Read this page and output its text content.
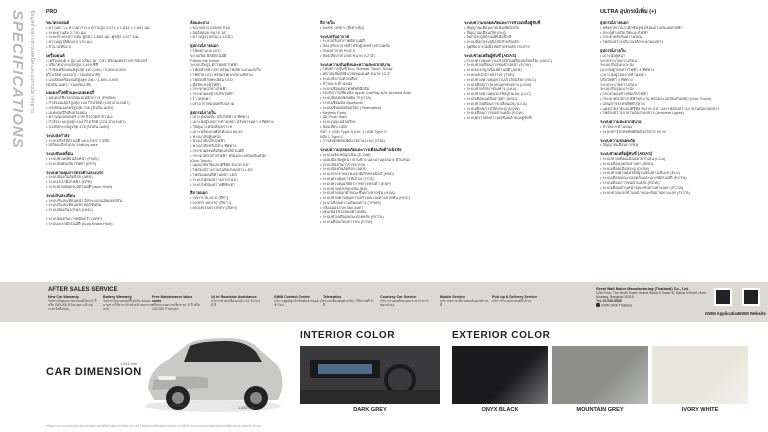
SPECIFICATIONS ข้อมูลจำเพาะทางเทคนิคและอุปกรณ์มาตรฐาน PRO
ขนาดรถยนต์
• ความยาว x ความกว้าง x ความสูง 4,471 x 1,833 x 1,641 มม.
• ระยะฐานล้อ 2,730 มม.
• ระยะห่างระหว่างล้อ คู่หน้า 1,583 มม. คู่หลัง 1,577 มม.
• ความสูงใต้ท้องรถ 175 มม.
• จำนวนที่นั่ง 5
เครื่องยนต์
• เครื่องยนต์ 4 สูบ แถวเรียง 16 วาล์ว พร้อมเทอร์โบชาร์จเจอร์
• ปริมาตรกระบอกสูบ 1,499 ซีซี
• กำลังเครื่องยนต์สูงสุด 110 (150) / 5,500-6,000
(กิโลวัตต์ (แรงม้า) / รอบต่อนาที)
• แรงบิดเครื่องยนต์สูงสุด 240 / 1,800-4,000
(นิวตัน-เมตร / รอบต่อนาที)
มอเตอร์ไฟฟ้าและแบตเตอรี่
• มอเตอร์ซิงโครนัสแม่เหล็กถาวร (PMSM)
• กำลังมอเตอร์สูงสุด 140 กิโลวัตต์ (190 ม้าแรงม้า)
• แรงบิดมอเตอร์สูงสุด 236 (นิวตัน-เมตร)
• แบตเตอรี่ลิเธียมไอออน
• ความจุแบตเตอรี่ 1.99 กิโลวัตต์-ชั่วโมง
• กำลังระบบสูงสุด 164 กิโลวัตต์ (223 ม้าแรงม้า)
• แรงบิดระบบสูงสุด 476 (นิวตัน-เมตร)
ระบบส่งกำลัง
• ระบบเกียร์อัตโนมัติ แบบ DHT 2 สปีด
• เปลี่ยนเกียร์แบบ Shift-by-wire
ระบบขับเคลื่อน
• ระบบขับเคลื่อนล้อหน้า (FWD)
• ระบบบังคับเลี้ยวไฟฟ้า (EPS)
ระบบควบคุมการทรงตัวและเบรก
• ระบบป้องกันล้อล็อก (ABS)
• ระบบเบรกมือไฟฟ้า (EPB)
• ระบบช่วยหยุดรถอัตโนมัติ (Auto Hold)
ระบบกันสะเทือน
• ระบบกันสะเทือนหน้า อิสระแบบแม็คเฟอร์สัน
• ระบบกันสะเทือนหลัง ทอร์ชันบีม
• ระบบป้องกันรถไหล (HHC)
• ระบบป้องกันการพลิกคว่ำ (ARP)
• ระบบเบรกอัตโนมัติ (Auto Brake Hold)
ล้อและยาง
• ขนาดยาง 225/60 R18
• ล้ออัลลอย ขนาด 18"
• ความสูงโป่งในวง 15 นิ้ว
อุปกรณ์ภายนอก
• ไฟหน้าแบบ LED
ระบบเปิด-ปิดอัตโนมัติ
Follow Me Home
ระบบปรับสูง-ต่ำไฟหน้าไฟฟ้า
• ไฟเดย์ไลท์ LED พร้อมไฟเลี้ยวแบบแสงวิ่ง
• ไฟท้าย LED พร้อมไฟเบรกดวงที่สาม
• ไฟส่องป้ายทะเบียน LED
• มือจับประตูไฟฟ้า
• กระจกหน้าต่างไฟฟ้า
• กระจกมองข้างปรับไฟฟ้า
• ราวหลังคา
• เสาอากาศแบบครีบฉลาม
อุปกรณ์ภายใน
• เบาะนั่งคนขับ ปรับไฟฟ้า 6 ทิศทาง
• เบาะนั่งผู้โดยสารด้านหน้า ปรับธรรมดา 4 ทิศทาง
• วัสดุเบาะหนังสังเคราะห์
• เบาะหลังแบบพับได้แบบ 60:40
• พวงมาลัยหุ้มหนัง
• พวงมาลัยปรับไฟฟ้า
• พวงมาลัยปรับได้ 4 ทิศทาง
• กระจกมองหลังตัดแสงอัตโนมัติ
• กระจกหน้าต่างไฟฟ้า พร้อมระบบป้องกันหนีบ
(One-Touch)
• แผงมาตรวัดแบบดิจิทัล ขนาด 8.8"
• ไฟส่องสว่างภายในห้องโดยสาร LED
• ไฟส่องแผนที่ด้านหน้า LED
• ระบบไฟส่องสว่างภายในรถ
• ระบบไฟส่องสว่างที่พักเท้า
สีภายนอก
• ONYX BLACK (สีดำ)
• IVORY WHITE (สีขาว)
• MOUNTAIN GREY (สีเทา)
สีภายใน
• DARK GREY (สีเทาเข้ม)
ระบบปรับอากาศ
• ระบบปรับอากาศอัตโนมัติ
• ช่องปรับอากาศสำหรับผู้โดยสารด้านหลัง
• กรองอากาศ PM2.5
• ช่องเสียบไฟ USB ขนาด 3.2 นิ้ว
ระบบความบันเทิงและความสะดวกสบาย
• โหมดการขับขี่ Eco, Normal, Sport, Snow
• หน้าจอสัมผัสอินโฟเทนเมนต์ ขนาด 12.3"
• ระบบสั่งงานด้วยเสียง
• ลำโพง 6 ตำแหน่ง
• ระบบเชื่อมต่อโทรศัพท์มือถือ
• รองรับการเชื่อมต่อ Apple CarPlay และ Android Auto
• ระบบอัปเดตซอฟต์แวร์ (OTA)
• ระบบเชื่อมต่อ Bluetooth
• ระบบเชื่อมต่ออัจฉริยะ (Telematics)
• Keyless Entry
• ปุ่ม Push Start
• ระบบกุญแจอัจฉริยะ
• ช่องเสียบ USB
หน้า 1 USB Type-A และ 1 USB Type-C
หลัง 1 Type-C
• การอัปเดตซอฟต์แวร์ผ่านระบบ (OTA)
ระบบความปลอดภัยและการเตือนภัยด้านนิรภัย
• ระบบแจ้งเหตุฉุกเฉิน (E-Call)
• ถุงลมนิรภัยคู่หน้า ด้านข้าง และม่านถุงลม 6 ตำแหน่ง
• ระบบป้องกันการโจรกรรม
• ระบบป้องกันล้อล็อก (ABS)
• ระบบกระจายแรงเบรกอิเล็กทรอนิกส์ (EBD)
• ระบบควบคุมการลื่นไถล (TCS)
• ระบบควบคุมเสถียรภาพการทรงตัว (ESP)
• ระบบช่วยเบรกฉุกเฉิน (BA)
• ระบบช่วยออกตัวขณะขึ้นทางลาดชัน (HSA)
• ระบบช่วยควบคุมความเร็วขณะลงทางลาดชัน (HDC)
• ระบบเตือนความดันลมยาง (TPMS)
• กล้องมองภาพ 360 องศา
• เซนเซอร์ช่วยจอดด้านหลัง
• ระบบช่วยเตือนขณะถอยหลัง (RCTA)
• ระบบเตือนก่อนการชน (FCW)
ระบบความปลอดภัยและการช่วยเหลือผู้ขับขี่
• สัญญาณเตือนคาดเข็มขัดนิรภัย
• สัญญาณเตือนเปิดประตู
• ล็อกประตูอัตโนมัติเมื่อขับขี่
• ระบบล็อกประตูนิรภัยสำหรับเด็ก
• จุดยึดเบาะนั่งนิรภัยสำหรับเด็ก ISOFIX
ระบบช่วยเหลือผู้ขับขี่ (ADAS)
• ระบบควบคุมความเร็วอัตโนมัติแบบอัจฉริยะ (IACC)
• ระบบช่วยเตือนการชนด้านหน้า (FCW)
• ระบบเบรกฉุกเฉินอัตโนมัติ (AEB)
• ระบบจดจำป้ายจราจร (TSR)
• ระบบช่วยควบคุมความเร็วอัจฉริยะ (ISLC)
• ระบบเตือนการออกนอกช่องทาง (LDW)
• ระบบช่วยรักษาช่องทาง (LKA)
• ระบบช่วยควบคุมรถให้อยู่ในเลน (LCC)
• ระบบเตือนจุดอับสายตา (BSD)
• ระบบช่วยเตือนการเปลี่ยนเลน (LCA)
• ระบบเตือนการเปิดประตู (DOW)
• ระบบเตือนการชนด้านหลัง (RCW)
• ระบบตรวจจับความเหนื่อยล้าของผู้ขับขี่
ULTRA อุปกรณ์เพิ่ม (+)
อุปกรณ์ภายนอก
• หลังคาพาโนรามิกซันรูฟ พร้อมม่านบังแดดไฟฟ้า
• ประตูท้ายเปิด-ปิดแบบไฟฟ้า
• กระจกหลังกันความร้อน
• ไฟส่องสว่างบริเวณใต้กระจกมองข้าง
อุปกรณ์ภายใน
• เบาะนั่งคู่หน้า
ระบบระบายความร้อน
ระบบปรับอุ่นเบาะนั่ง
เบาะนั่งผู้โดยสารไฟฟ้า 4 ทิศทาง
• เบาะนั่งผู้โดยสารด้านหน้า
ปรับไฟฟ้า 4 ทิศทาง
ระบบระบายความร้อน
ระบบปรับอุ่นเบาะนั่ง
• กระจกมองข้างพับเก็บไฟฟ้า
• กระจกหน้าต่างไฟฟ้าทุกบาน พร้อมระบบป้องกันหนีบ (One-Touch)
• แท่นชาร์จโทรศัพท์ไร้สาย
• แผงมาตรวัดแบบดิจิทัล ขนาด 8.8" และไฟส่องสว่างภายในห้องโดยสาร
• ไฟส่องสว่างภายในห้องโดยสาร (Ambient Lights)
ระบบความสะดวกสบาย
• ลำโพง 9 ตำแหน่ง
• ระบบชาร์จโทรศัพท์มือถือไร้สาย 50 W
ระบบความปลอดภัย
• สัญญาณเตือนการชน
ระบบช่วยเหลือผู้ขับขี่ (ADAS)
• ระบบช่วยเตือนเมื่อออกจากเลน (LCA)
• ระบบเตือนจุดอับสายตา (BSD)
• ระบบเตือนเปิดประตู (DOW)
• ระบบช่วยควบคุมให้อยู่ในช่องทางเดินรถ (ELK)
• ระบบเตือนขณะถอยหลังและเบรกอัตโนมัติ (RCTA)
• ระบบเตือนการชนด้านหลัง (RCW)
• ระบบเตือนด้านหน้าขณะขับผ่านทางแยก (FCTA)
• ระบบช่วยเบรกด้านหน้าขณะขับผ่านทางแยก (FCTB)
AFTER SALES SERVICE
New Car Warranty
รับประกันคุณภาพรถยนต์ใหม่ 5 ปี หรือ 150,000 กิโลเมตร แล้วแต่ระยะใดถึงก่อน
Battery Warranty
รับประกันแบตเตอรี่ไฮบริด ตลอดอายุการใช้งาน สำหรับเจ้าของรายแรก
Free Maintenance labor costs
ฟรีค่าแรงตรวจเช็กระยะ 5 ปี หรือ 100,000 กิโลเมตร
24 hr Roadside Assistance
บริการช่วยเหลือฉุกเฉิน 24 ชั่วโมง 5 ปี
GWM Contact Center
บริการศูนย์ลูกค้าสัมพันธ์ ตลอด 24 ชั่วโมง
Telematics
ระบบเชื่อมต่ออัจฉริยะ ใช้งานฟรี 5 ปี
Courtesy Car Service
บริการรถยนต์ทดแทนระหว่างการซ่อมบำรุง
Mobile Service
บริการตรวจเช็กรถยนต์นอกสถานที่
Pick up & Delivery Service
บริการรับ-ส่งรถยนต์ถึงบ้าน
Great Wall Motor Manufacturing (Thailand) Co., Ltd.
12th Floor, The Ninth Tower Grand Rama 9 Tower B, Rama 9 Road, Huai Khwang, Bangkok 10310
Tel. 02-080-8888
GWM ORA Thailand
GWM Application
GWM Website
CAR DIMENSION
1,641 mm
4,471 mm	1,833 mm
INTERIOR COLOR
DARK GREY
EXTERIOR COLOR
ONYX BLACK	MOUNTAIN GREY	IVORY WHITE
*ข้อมูลจำเพาะและอุปกรณ์อาจมีการเปลี่ยนแปลงได้โดยไม่ต้องแจ้งให้ทราบล่วงหน้า สีของรถยนต์ที่แสดงอาจแตกต่างจากสีจริง ตรวจสอบรายละเอียดเพิ่มเติมได้ที่ผู้จำหน่าย GWM ทั่วประเทศ
